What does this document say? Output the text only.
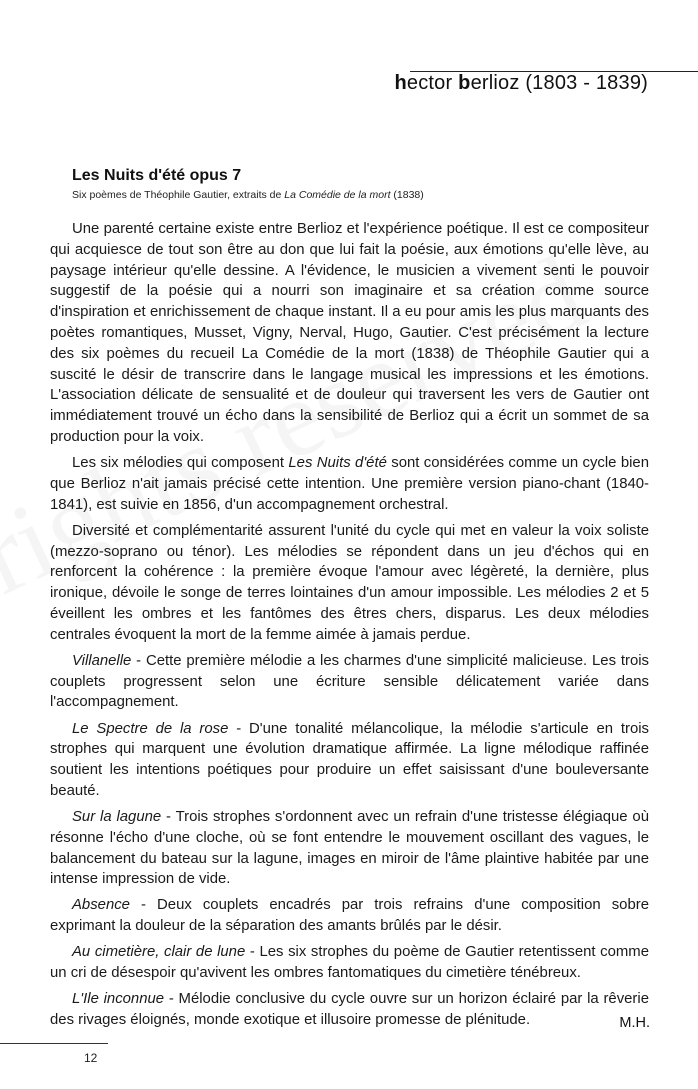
hector berlioz (1803 - 1839)
Les Nuits d'été opus 7
Six poèmes de Théophile Gautier, extraits de La Comédie de la mort (1838)

Une parenté certaine existe entre Berlioz et l'expérience poétique. Il est ce compositeur qui acquiesce de tout son être au don que lui fait la poésie, aux émotions qu'elle lève, au paysage intérieur qu'elle dessine. A l'évidence, le musicien a vivement senti le pouvoir suggestif de la poésie qui a nourri son imaginaire et sa création comme source d'inspiration et enrichissement de chaque instant. Il a eu pour amis les plus marquants des poètes romantiques, Musset, Vigny, Nerval, Hugo, Gautier. C'est précisément la lecture des six poèmes du recueil La Comédie de la mort (1838) de Théophile Gautier qui a suscité le désir de transcrire dans le langage musical les impressions et les émotions. L'association délicate de sensualité et de douleur qui traversent les vers de Gautier ont immédiatement trouvé un écho dans la sensibilité de Berlioz qui a écrit un sommet de sa production pour la voix.

Les six mélodies qui composent Les Nuits d'été sont considérées comme un cycle bien que Berlioz n'ait jamais précisé cette intention. Une première version piano-chant (1840-1841), est suivie en 1856, d'un accompagnement orchestral.

Diversité et complémentarité assurent l'unité du cycle qui met en valeur la voix soliste (mezzo-soprano ou ténor). Les mélodies se répondent dans un jeu d'échos qui en renforcent la cohérence : la première évoque l'amour avec légèreté, la dernière, plus ironique, dévoile le songe de terres lointaines d'un amour impossible. Les mélodies 2 et 5 éveillent les ombres et les fantômes des êtres chers, disparus. Les deux mélodies centrales évoquent la mort de la femme aimée à jamais perdue.

Villanelle - Cette première mélodie a les charmes d'une simplicité malicieuse. Les trois couplets progressent selon une écriture sensible délicatement variée dans l'accompagnement.

Le Spectre de la rose - D'une tonalité mélancolique, la mélodie s'articule en trois strophes qui marquent une évolution dramatique affirmée. La ligne mélodique raffinée soutient les intentions poétiques pour produire un effet saisissant d'une bouleversante beauté.

Sur la lagune - Trois strophes s'ordonnent avec un refrain d'une tristesse élégiaque où résonne l'écho d'une cloche, où se font entendre le mouvement oscillant des vagues, le balancement du bateau sur la lagune, images en miroir de l'âme plaintive habitée par une intense impression de vide.

Absence - Deux couplets encadrés par trois refrains d'une composition sobre exprimant la douleur de la séparation des amants brûlés par le désir.

Au cimetière, clair de lune - Les six strophes du poème de Gautier retentissent comme un cri de désespoir qu'avivent les ombres fantomatiques du cimetière ténébreux.

L'Ile inconnue - Mélodie conclusive du cycle ouvre sur un horizon éclairé par la rêverie des rivages éloignés, monde exotique et illusoire promesse de plénitude.	M.H.
12
